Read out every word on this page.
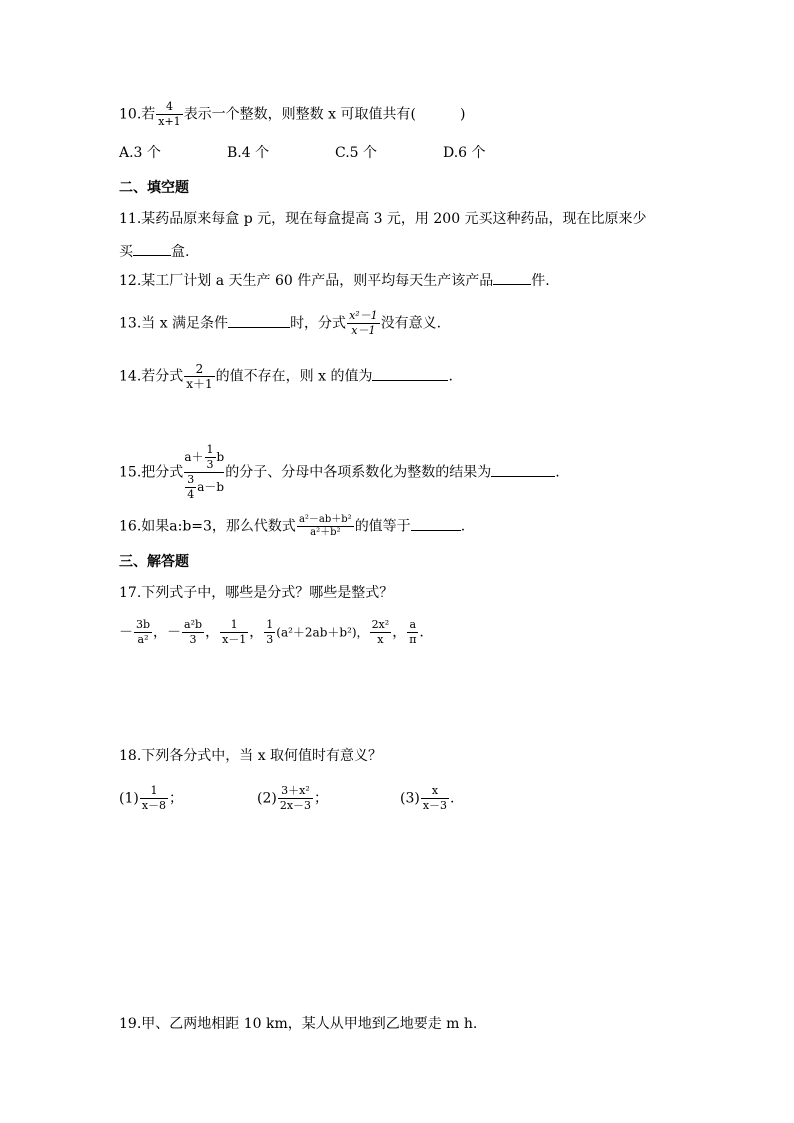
10.若 $\frac{4}{x+1}$ 表示一个整数，则整数 x 可取值共有(	)
A.3 个	B.4 个	C.5 个	D.6 个
二、填空题
11.某药品原来每盒 p 元，现在每盒提高 3 元，用 200 元买这种药品，现在比原来少
买	盒.
12.某工厂计划 a 天生产 60 件产品，则平均每天生产该产品	件.
13.当 x 满足条件	时，分式 $\frac{\text{x²－1}}{x-1}$ 没有意义.
14.若分式 $\frac{2}{x+1}$ 的值不存在，则 x 的值为	.
15.把分式 $\frac{a+ \frac{1}{3} b}{\frac{3}{4} a-b}$ 的分子、分母中各项系数化为整数的结果为	.
16.如果a:b=3，那么代数式 $\frac{\text{a²－ab＋b²}}{\text{a²＋b²}}$ 的值等于	.
三、解答题
17.下列式子中，哪些是分式？哪些是整式？
－ $\frac{3b}{\text{a²}}$ ，－ $\frac{\text{a²b}}{3}$ ， $\frac{1}{x-1}$ ， $\frac{1}{3} (a^2+2ab+b^2)$， $\frac{\text{2x²}}{x}$ ， $\frac{a}{\pi}$ .
18.下列各分式中，当 x 取何值时有意义？
$(1) \frac{1}{x-8}$ ；	$(2) \frac{\text{3＋x²}}{2x-3}$ ；	$(3) \frac{x}{x-3}$ .
19.甲、乙两地相距 10 km，某人从甲地到乙地要走 m h.
